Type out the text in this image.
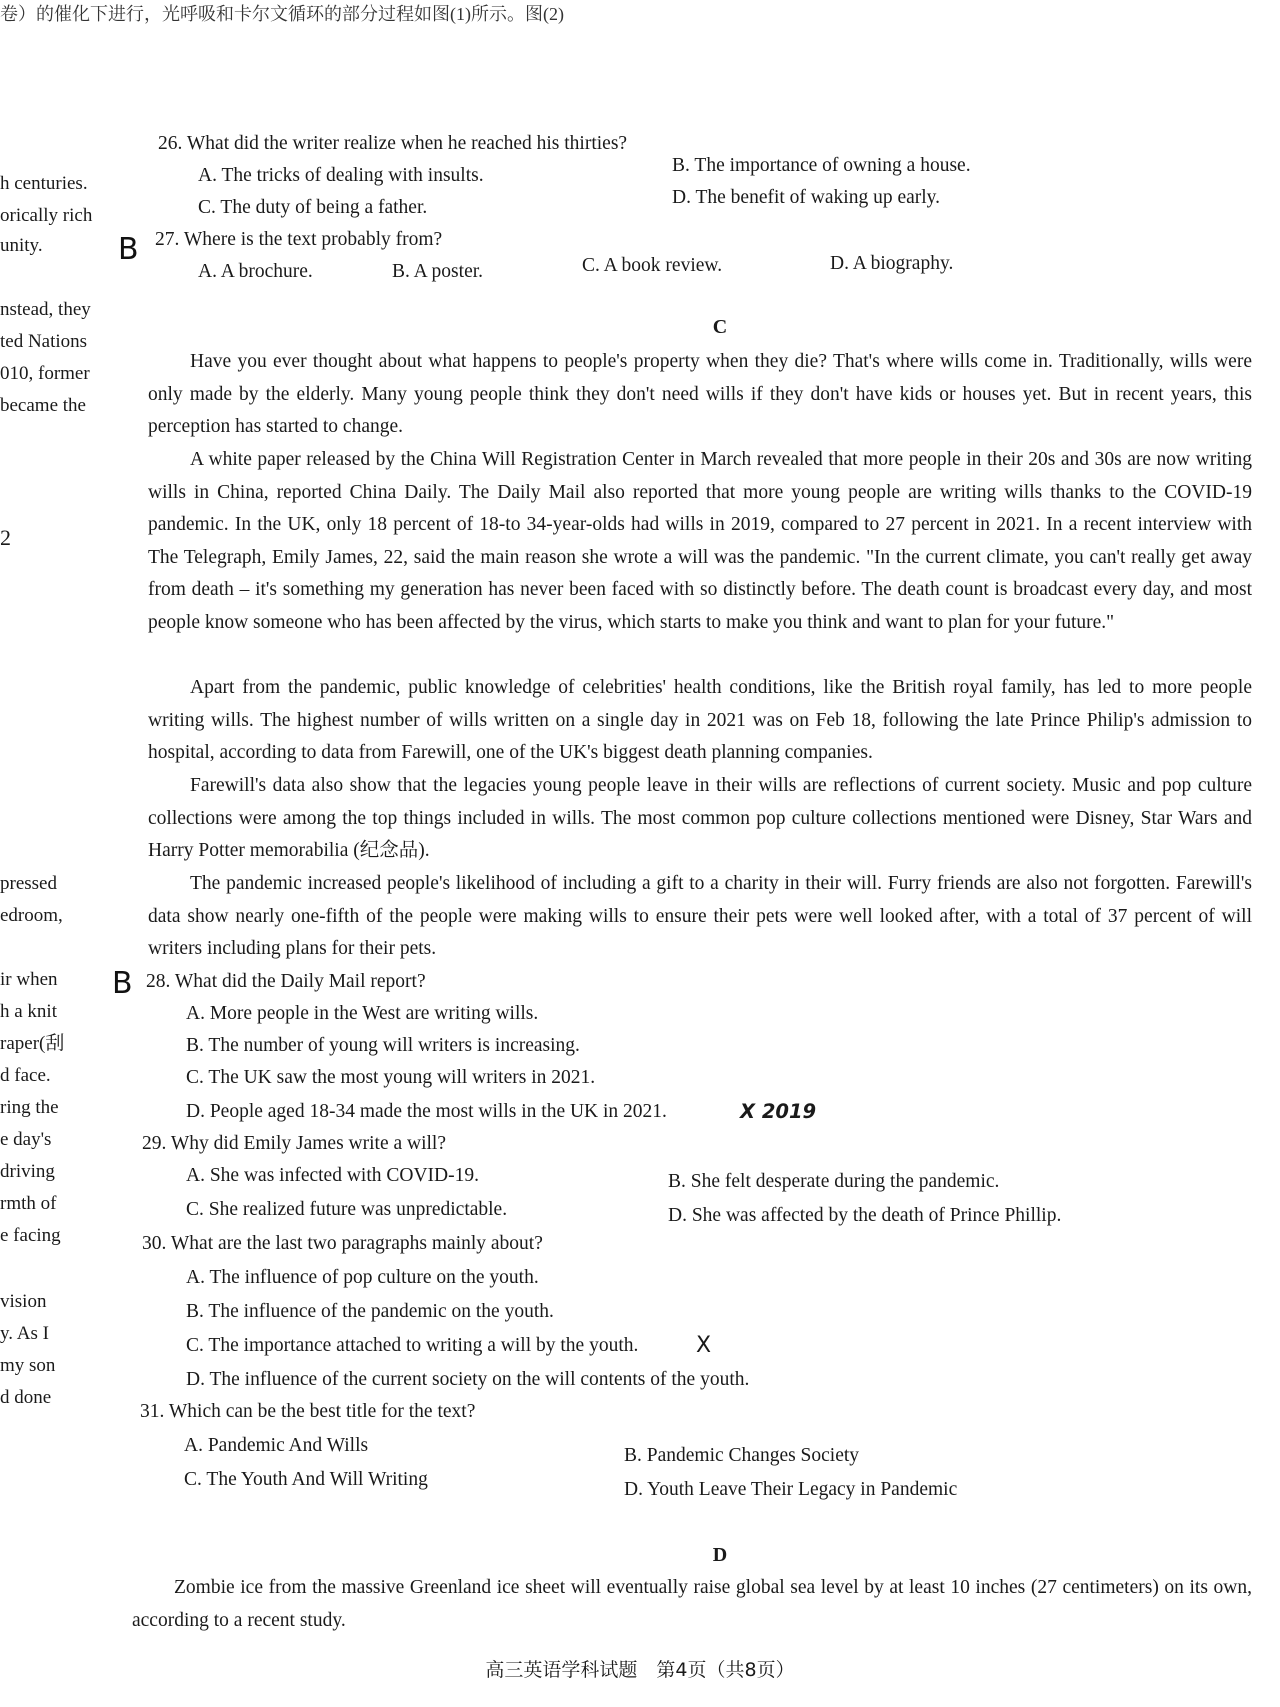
卷）的催化下进行，光呼吸和卡尔文循环的部分过程如图(1)所示。图(2)
h centuries.
orically rich
unity.
nstead, they
ted Nations
010, former
became the
2
pressed
edroom,
ir when
h a knit
raper(刮
d face.
ring the
e day's
driving
rmth of
e facing
vision
y. As I
my son
d done
26. What did the writer realize when he reached his thirties?
A. The tricks of dealing with insults.	B. The importance of owning a house.
C. The duty of being a father.	D. The benefit of waking up early.
B 27. Where is the text probably from?
A. A brochure.	B. A poster.	C. A book review.	D. A biography.
C
Have you ever thought about what happens to people's property when they die? That's where wills come in. Traditionally, wills were only made by the elderly. Many young people think they don't need wills if they don't have kids or houses yet. But in recent years, this perception has started to change.
A white paper released by the China Will Registration Center in March revealed that more people in their 20s and 30s are now writing wills in China, reported China Daily. The Daily Mail also reported that more young people are writing wills thanks to the COVID-19 pandemic. In the UK, only 18 percent of 18-to 34-year-olds had wills in 2019, compared to 27 percent in 2021. In a recent interview with The Telegraph, Emily James, 22, said the main reason she wrote a will was the pandemic. "In the current climate, you can't really get away from death – it's something my generation has never been faced with so distinctly before. The death count is broadcast every day, and most people know someone who has been affected by the virus, which starts to make you think and want to plan for your future."
Apart from the pandemic, public knowledge of celebrities' health conditions, like the British royal family, has led to more people writing wills. The highest number of wills written on a single day in 2021 was on Feb 18, following the late Prince Philip's admission to hospital, according to data from Farewill, one of the UK's biggest death planning companies.
Farewill's data also show that the legacies young people leave in their wills are reflections of current society. Music and pop culture collections were among the top things included in wills. The most common pop culture collections mentioned were Disney, Star Wars and Harry Potter memorabilia (纪念品).
The pandemic increased people's likelihood of including a gift to a charity in their will. Furry friends are also not forgotten. Farewill's data show nearly one-fifth of the people were making wills to ensure their pets were well looked after, with a total of 37 percent of will writers including plans for their pets.
B 28. What did the Daily Mail report?
A. More people in the West are writing wills.
B. The number of young will writers is increasing.
C. The UK saw the most young will writers in 2021.
D. People aged 18-34 made the most wills in the UK in 2021.	X 2019
29. Why did Emily James write a will?
A. She was infected with COVID-19.	B. She felt desperate during the pandemic.
C. She realized future was unpredictable.	D. She was affected by the death of Prince Phillip.
30. What are the last two paragraphs mainly about?
A. The influence of pop culture on the youth.
B. The influence of the pandemic on the youth.
C. The importance attached to writing a will by the youth.	X
D. The influence of the current society on the will contents of the youth.
31. Which can be the best title for the text?
A. Pandemic And Wills	B. Pandemic Changes Society
C. The Youth And Will Writing	D. Youth Leave Their Legacy in Pandemic
D
Zombie ice from the massive Greenland ice sheet will eventually raise global sea level by at least 10 inches (27 centimeters) on its own, according to a recent study.
高三英语学科试题　第4页（共8页）
